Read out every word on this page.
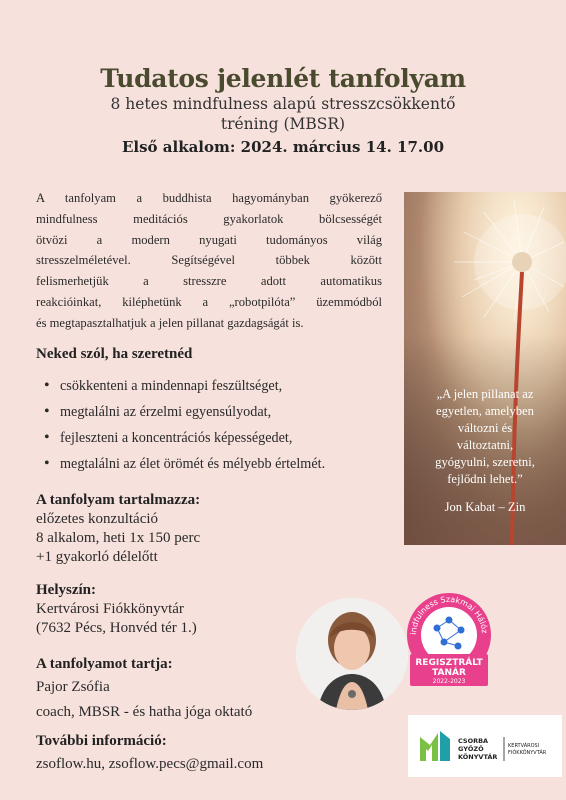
Tudatos jelenlét tanfolyam
8 hetes mindfulness alapú stresszcsökkentő
tréning (MBSR)
Első alkalom: 2024. március 14. 17.00
A tanfolyam a buddhista hagyományban gyökerező
mindfulness meditációs gyakorlatok bölcsességét
ötvözi a modern nyugati tudományos világ
stresszelméletével. Segítségével többek között
felismerhetjük a stresszre adott automatikus
reakcióinkat, kiléphetünk a „robotpilóta” üzemmódból
és megtapasztalhatjuk a jelen pillanat gazdagságát is.
Neked szól, ha szeretnéd
• csökkenteni a mindennapi feszültséget,
• megtalálni az érzelmi egyensúlyodat,
• fejleszteni a koncentrációs képességedet,
• megtalálni az élet örömét és mélyebb értelmét.
A tanfolyam tartalmazza:
előzetes konzultáció
8 alkalom, heti 1x 150 perc
+1 gyakorló délelőtt
Helyszín:
Kertvárosi Fiókkönyvtár
(7632 Pécs, Honvéd tér 1.)
A tanfolyamot tartja:
Pajor Zsófia
coach, MBSR - és hatha jóga oktató
További információ:
zsoflow.hu, zsoflow.pecs@gmail.com
„A jelen pillanat az
egyetlen, amelyben
változni és
változtatni,
gyógyulni, szeretni,
fejlődni lehet.”
Jon Kabat – Zin
indfulness Szakmai Hálóz
REGISZTRÁLT
TANÁR
2022-2023
CSORBA
GYŐZŐ
KÖNYVTÁR
KERTVÁROSI
FIÓKKÖNYVTÁR
